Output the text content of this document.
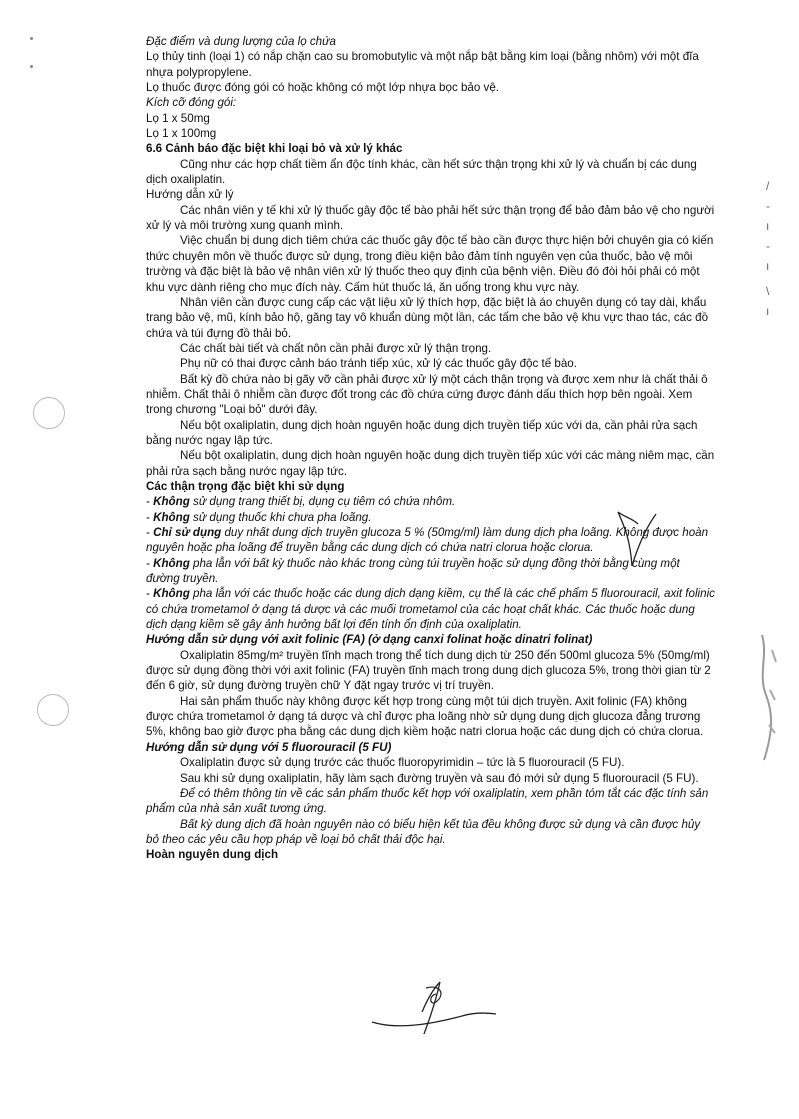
/
-
ı
-
ı
\
ı

Đặc điểm và dung lượng của lọ chứa

Lọ thủy tinh (loại 1) có nắp chặn cao su bromobutylic và một nắp bật bằng kim loại (bằng nhôm) với một đĩa nhựa polypropylene.

Lọ thuốc được đóng gói có hoặc không có một lớp nhựa bọc bảo vệ.

Kích cỡ đóng gói:

Lọ 1 x 50mg

Lọ 1 x 100mg

6.6 Cảnh báo đặc biệt khi loại bỏ và xử lý khác

Cũng như các hợp chất tiềm ẩn độc tính khác, cần hết sức thận trọng khi xử lý và chuẩn bị các dung dịch oxaliplatin.

Hướng dẫn xử lý

Các nhân viên y tế khi xử lý thuốc gây độc tế bào phải hết sức thận trọng để bảo đảm bảo vệ cho người xử lý và môi trường xung quanh mình.

Việc chuẩn bị dung dịch tiêm chứa các thuốc gây độc tế bào cần được thực hiện bởi chuyên gia có kiến thức chuyên môn về thuốc được sử dụng, trong điều kiện bảo đảm tính nguyên vẹn của thuốc, bảo vệ môi trường và đặc biệt là bảo vệ nhân viên xử lý thuốc theo quy định của bệnh viện. Điều đó đòi hỏi phải có một khu vực dành riêng cho mục đích này. Cấm hút thuốc lá, ăn uống trong khu vực này.

Nhân viên cần được cung cấp các vật liệu xử lý thích hợp, đặc biệt là áo chuyên dụng có tay dài, khẩu trang bảo vệ, mũ, kính bảo hộ, găng tay vô khuẩn dùng một lần, các tấm che bảo vệ khu vực thao tác, các đồ chứa và túi đựng đồ thải bỏ.

Các chất bài tiết và chất nôn cần phải được xử lý thận trọng.

Phụ nữ có thai được cảnh báo tránh tiếp xúc, xử lý các thuốc gây độc tế bào.

Bất kỳ đồ chứa nào bị gãy vỡ cần phải được xử lý một cách thận trọng và được xem như là chất thải ô nhiễm. Chất thải ô nhiễm cần được đốt trong các đồ chứa cứng được đánh dấu thích hợp bên ngoài. Xem trong chương "Loại bỏ" dưới đây.

Nếu bột oxaliplatin, dung dịch hoàn nguyên hoặc dung dịch truyền tiếp xúc với da, cần phải rửa sạch bằng nước ngay lập tức.

Nếu bột oxaliplatin, dung dịch hoàn nguyên hoặc dung dịch truyền tiếp xúc với các màng niêm mạc, cần phải rửa sạch bằng nước ngay lập tức.

Các thận trọng đặc biệt khi sử dụng

- Không sử dụng trang thiết bị, dụng cụ tiêm có chứa nhôm.

- Không sử dụng thuốc khi chưa pha loãng.

- Chỉ sử dụng duy nhất dung dịch truyền glucoza 5 % (50mg/ml) làm dung dịch pha loãng. Không được hoàn nguyên hoặc pha loãng để truyền bằng các dung dịch có chứa natri clorua hoặc clorua.

- Không pha lẫn với bất kỳ thuốc nào khác trong cùng túi truyền hoặc sử dụng đồng thời bằng cùng một đường truyền.

- Không pha lẫn với các thuốc hoặc các dung dịch dạng kiềm, cụ thể là các chế phẩm 5 fluorouracil, axit folinic có chứa trometamol ở dạng tá dược và các muối trometamol của các hoạt chất khác. Các thuốc hoặc dung dịch dạng kiềm sẽ gây ảnh hưởng bất lợi đến tính ổn định của oxaliplatin.

Hướng dẫn sử dụng với axit folinic (FA) (ở dạng canxi folinat hoặc dinatri folinat)

Oxaliplatin 85mg/m² truyền tĩnh mạch trong thể tích dung dịch từ 250 đến 500ml glucoza 5% (50mg/ml) được sử dụng đồng thời với axit folinic (FA) truyền tĩnh mạch trong dung dịch glucoza 5%, trong thời gian từ 2 đến 6 giờ, sử dụng đường truyền chữ Y đặt ngay trước vị trí truyền.

Hai sản phẩm thuốc này không được kết hợp trong cùng một túi dịch truyền. Axit folinic (FA) không được chứa trometamol ở dạng tá dược và chỉ được pha loãng nhờ sử dụng dung dịch glucoza đẳng trương 5%, không bao giờ được pha bằng các dung dịch kiềm hoặc natri clorua hoặc các dung dịch có chứa clorua.

Hướng dẫn sử dụng với 5 fluorouracil (5 FU)

Oxaliplatin được sử dụng trước các thuốc fluoropyrimidin – tức là 5 fluorouracil (5 FU).

Sau khi sử dụng oxaliplatin, hãy làm sạch đường truyền và sau đó mới sử dụng 5 fluorouracil (5 FU).

Để có thêm thông tin về các sản phẩm thuốc kết hợp với oxaliplatin, xem phần tóm tắt các đặc tính sản phẩm của nhà sản xuất tương ứng.

Bất kỳ dung dịch đã hoàn nguyên nào có biểu hiện kết tủa đều không được sử dụng và cần được hủy bỏ theo các yêu cầu hợp pháp về loại bỏ chất thải độc hại.

Hoàn nguyên dung dịch
